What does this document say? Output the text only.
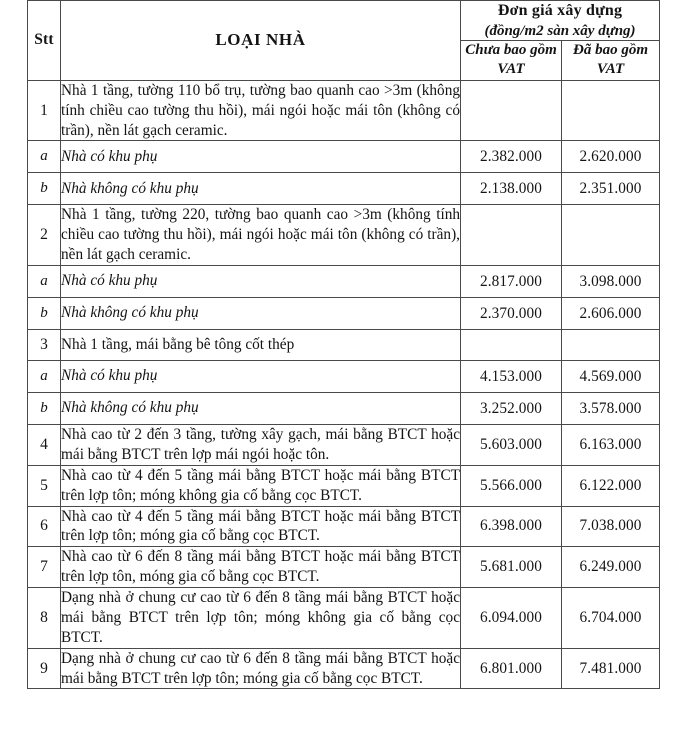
Stt	LOẠI NHÀ	Đơn giá xây dựng
(đồng/m2 sàn xây dựng)	

		Chưa bao gồm VAT	Đã bao gồm VAT
1	Nhà 1 tầng, tường 110 bổ trụ, tường bao quanh cao >3m (không tính chiều cao tường thu hồi), mái ngói hoặc mái tôn (không có trần), nền lát gạch ceramic.		
a	Nhà có khu phụ	2.382.000	2.620.000
b	Nhà không có khu phụ	2.138.000	2.351.000
2	Nhà 1 tầng, tường 220, tường bao quanh cao >3m (không tính chiều cao tường thu hồi), mái ngói hoặc mái tôn (không có trần), nền lát gạch ceramic.		
a	Nhà có khu phụ	2.817.000	3.098.000
b	Nhà không có khu phụ	2.370.000	2.606.000
3	Nhà 1 tầng, mái bằng bê tông cốt thép		
a	Nhà có khu phụ	4.153.000	4.569.000
b	Nhà không có khu phụ	3.252.000	3.578.000
4	Nhà cao từ 2 đến 3 tầng, tường xây gạch, mái bằng BTCT hoặc mái bằng BTCT trên lợp mái ngói hoặc tôn.	5.603.000	6.163.000
5	Nhà cao từ 4 đến 5 tầng mái bằng BTCT hoặc mái bằng BTCT trên lợp tôn; móng không gia cố bằng cọc BTCT.	5.566.000	6.122.000
6	Nhà cao từ 4 đến 5 tầng mái bằng BTCT hoặc mái bằng BTCT trên lợp tôn; móng gia cố bằng cọc BTCT.	6.398.000	7.038.000
7	Nhà cao từ 6 đến 8 tầng mái bằng BTCT hoặc mái bằng BTCT trên lợp tôn, móng gia cố bằng cọc BTCT.	5.681.000	6.249.000
8	Dạng nhà ở chung cư cao từ 6 đến 8 tầng mái bằng BTCT hoặc mái bằng BTCT trên lợp tôn; móng không gia cố bằng cọc BTCT.	6.094.000	6.704.000
9	Dạng nhà ở chung cư cao từ 6 đến 8 tầng mái bằng BTCT hoặc mái bằng BTCT trên lợp tôn; móng gia cố bằng cọc BTCT.	6.801.000	7.481.000
